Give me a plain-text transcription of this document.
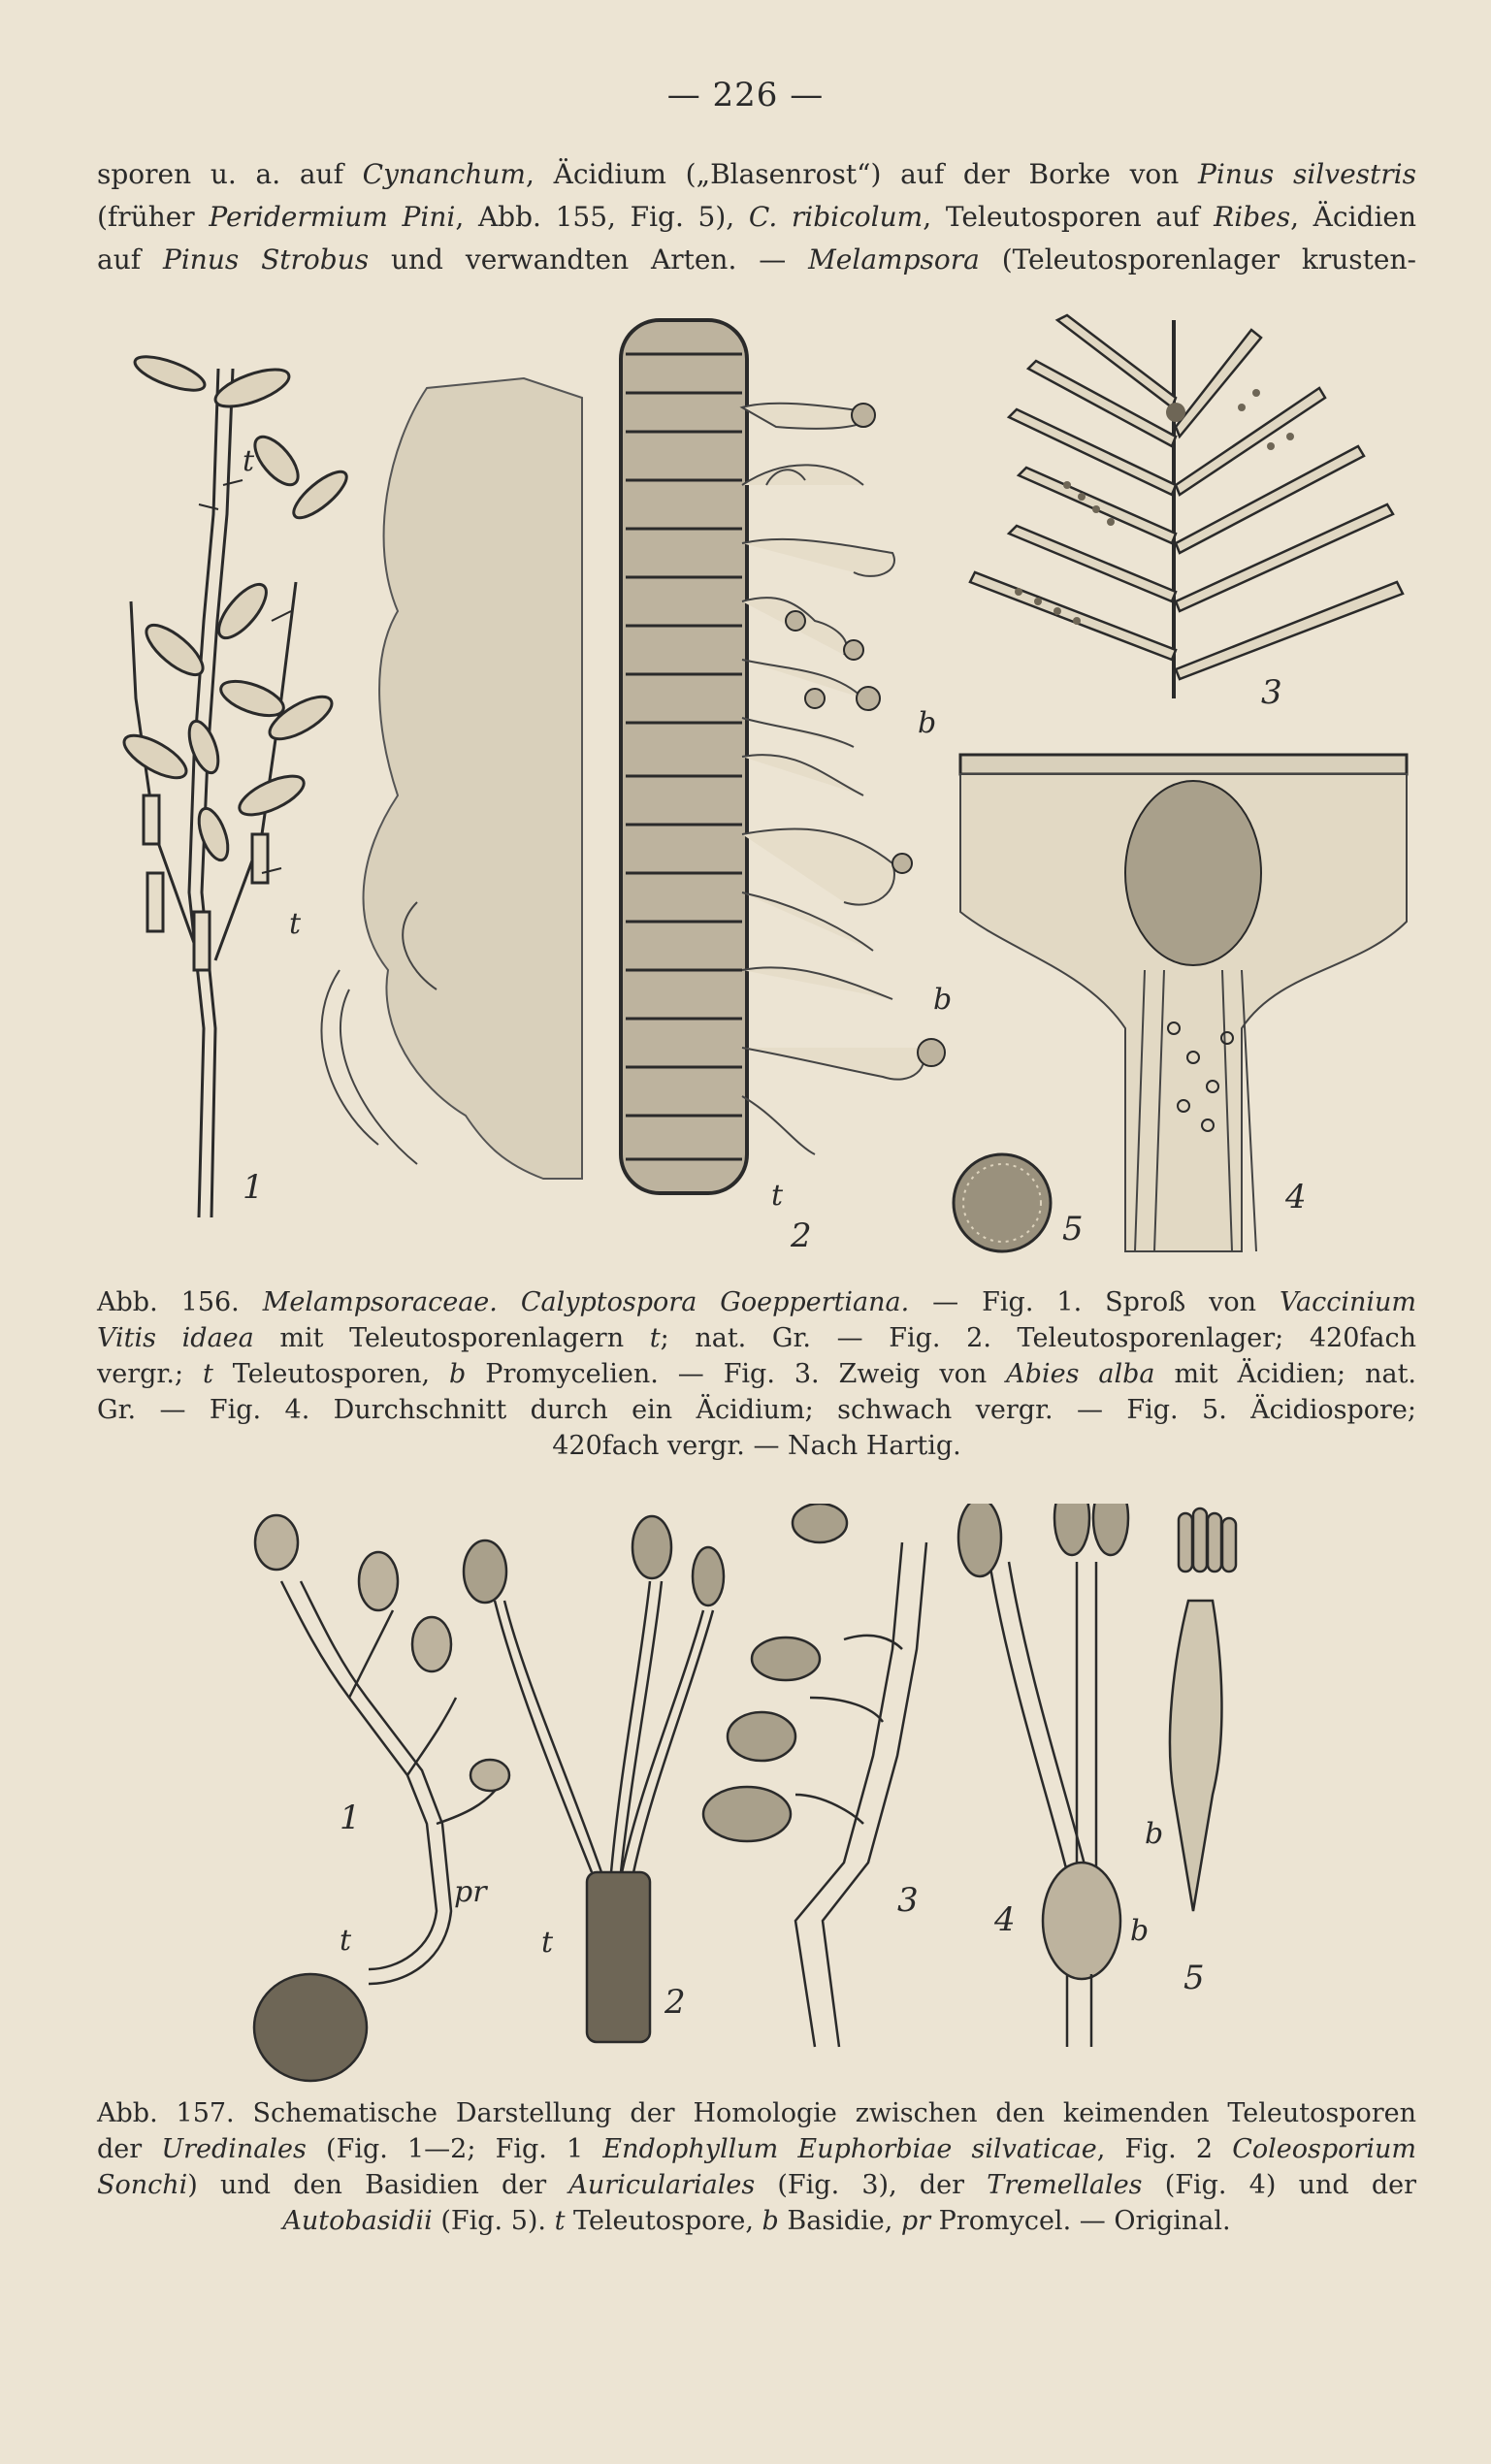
— 226 —
sporen u. a. auf Cynanchum, Äcidium („Blasenrost“) auf der Borke von Pinus silvestris
(früher Peridermium Pini, Abb. 155, Fig. 5), C. ribicolum, Teleutosporen auf Ribes, Äcidien
auf Pinus Strobus und verwandten Arten. — Melampsora (Teleutosporenlager krusten-
t
t
1
b
b
t
2
3
4
5
Abb. 156. Melampsoraceae. Calyptospora Goeppertiana. — Fig. 1. Sproß von Vaccinium
Vitis idaea mit Teleutosporenlagern t; nat. Gr. — Fig. 2. Teleutosporenlager; 420fach
vergr.; t Teleutosporen, b Promycelien. — Fig. 3. Zweig von Abies alba mit Äcidien; nat.
Gr. — Fig. 4. Durchschnitt durch ein Äcidium; schwach vergr. — Fig. 5. Äcidiospore;
420fach vergr. — Nach Hartig.
1
t
pr
t
2
3 4	b
b
5
Abb. 157. Schematische Darstellung der Homologie zwischen den keimenden Teleutosporen
der Uredinales (Fig. 1—2; Fig. 1 Endophyllum Euphorbiae silvaticae, Fig. 2 Coleosporium
Sonchi) und den Basidien der Auriculariales (Fig. 3), der Tremellales (Fig. 4) und der
Autobasidii (Fig. 5). t Teleutospore, b Basidie, pr Promycel. — Original.
